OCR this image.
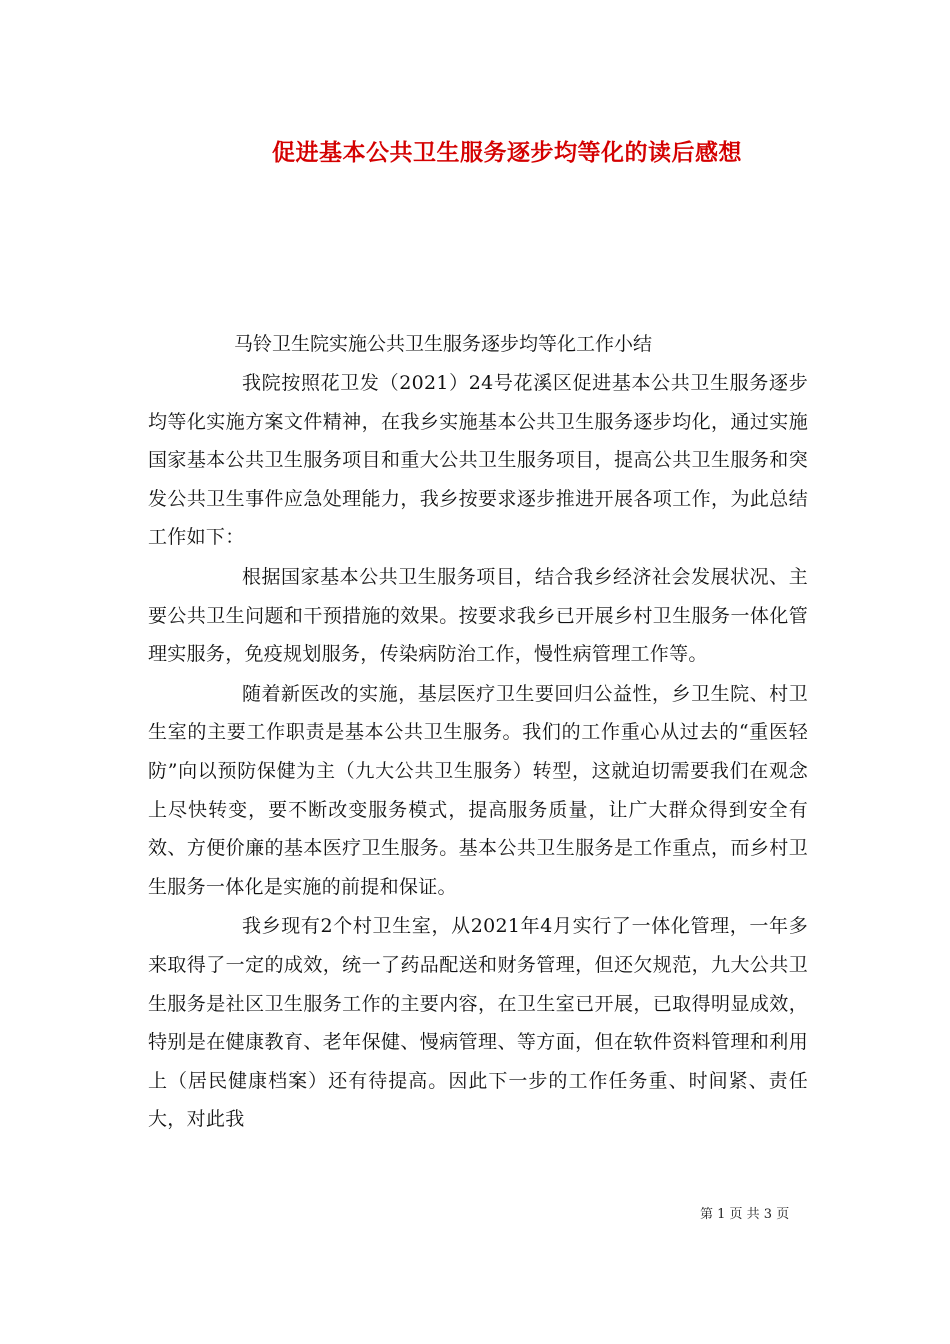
促进基本公共卫生服务逐步均等化的读后感想
马铃卫生院实施公共卫生服务逐步均等化工作小结

我院按照花卫发（2021）24号花溪区促进基本公共卫生服务逐步均等化实施方案文件精神，在我乡实施基本公共卫生服务逐步均化，通过实施国家基本公共卫生服务项目和重大公共卫生服务项目，提高公共卫生服务和突发公共卫生事件应急处理能力，我乡按要求逐步推进开展各项工作，为此总结工作如下：

根据国家基本公共卫生服务项目，结合我乡经济社会发展状况、主要公共卫生问题和干预措施的效果。按要求我乡已开展乡村卫生服务一体化管理实服务，免疫规划服务，传染病防治工作，慢性病管理工作等。

随着新医改的实施，基层医疗卫生要回归公益性，乡卫生院、村卫生室的主要工作职责是基本公共卫生服务。我们的工作重心从过去的“重医轻防”向以预防保健为主（九大公共卫生服务）转型，这就迫切需要我们在观念上尽快转变，要不断改变服务模式，提高服务质量，让广大群众得到安全有效、方便价廉的基本医疗卫生服务。基本公共卫生服务是工作重点，而乡村卫生服务一体化是实施的前提和保证。

我乡现有2个村卫生室，从2021年4月实行了一体化管理，一年多来取得了一定的成效，统一了药品配送和财务管理，但还欠规范，九大公共卫生服务是社区卫生服务工作的主要内容，在卫生室已开展，已取得明显成效，特别是在健康教育、老年保健、慢病管理、等方面，但在软件资料管理和利用上（居民健康档案）还有待提高。因此下一步的工作任务重、时间紧、责任大，对此我

第 1 页 共 3 页
